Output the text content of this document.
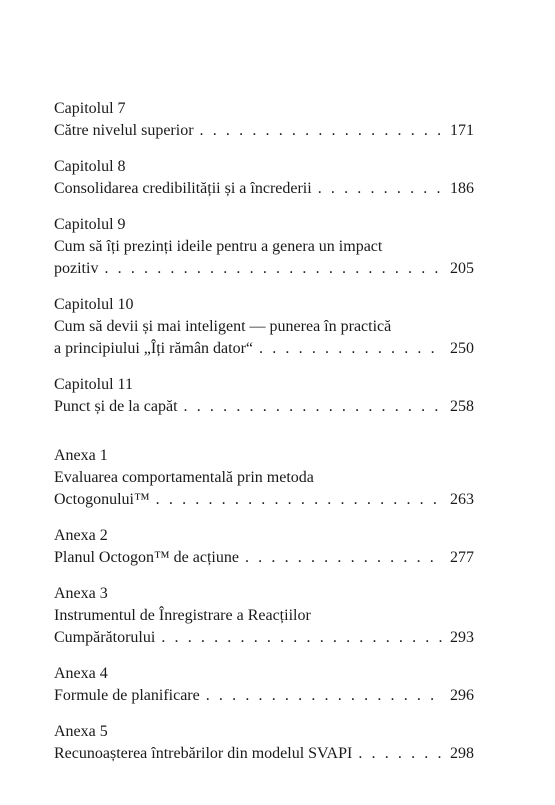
Capitolul 7
Către nivelul superior . . .	171
Capitolul 8
Consolidarea credibilității și a încrederii . . .	186
Capitolul 9
Cum să îți prezinți ideile pentru a genera un impact
pozitiv . . .	205
Capitolul 10
Cum să devii și mai inteligent — punerea în practică
a principiului „Îți rămân dator“ . . .	250
Capitolul 11
Punct și de la capăt . . .	258
Anexa 1
Evaluarea comportamentală prin metoda
Octogonului™ . . .	263
Anexa 2
Planul Octogon™ de acțiune . . .	277
Anexa 3
Instrumentul de Înregistrare a Reacțiilor
Cumpărătorului . . .	293
Anexa 4
Formule de planificare . . .	296
Anexa 5
Recunoașterea întrebărilor din modelul SVAPI . . .	298
